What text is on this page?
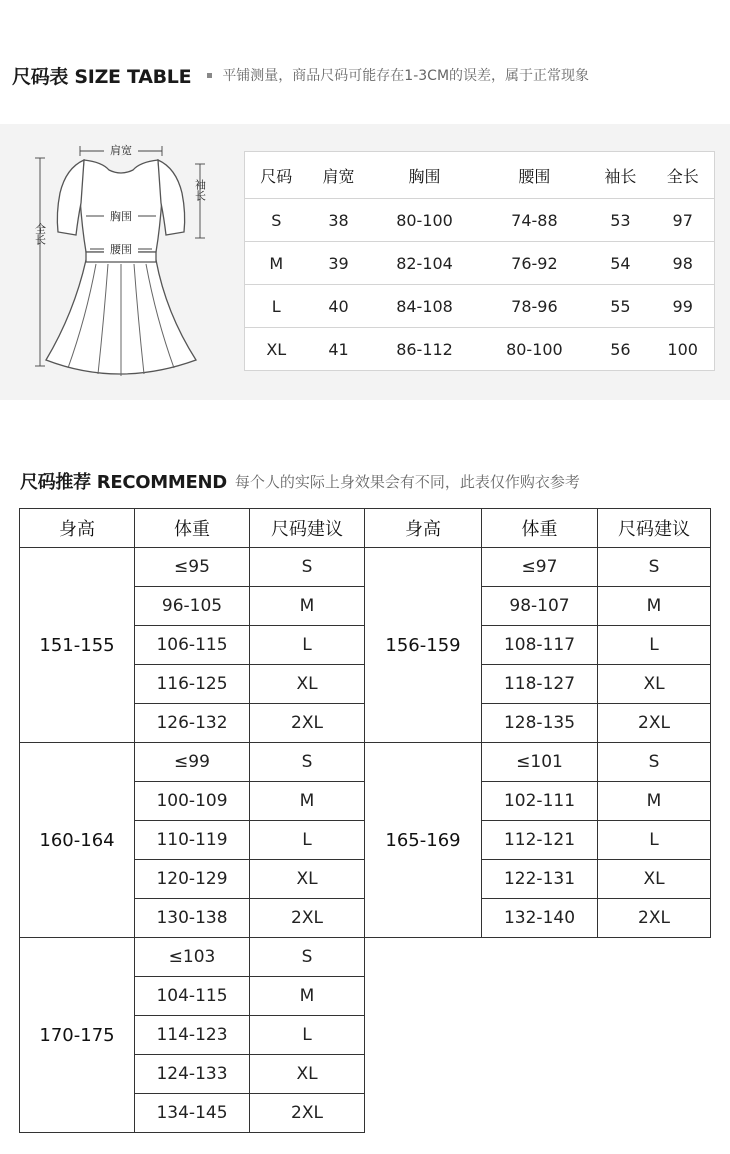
尺码表 SIZE TABLE 平铺测量，商品尺码可能存在1-3CM的误差，属于正常现象
肩宽
胸围
腰围
袖长
全长
尺码	肩宽	胸围	腰围	袖长	全长
S	38	80-100	74-88	53	97
M	39	82-104	76-92	54	98
L	40	84-108	78-96	55	99
XL	41	86-112	80-100	56	100
尺码推荐 RECOMMEND 每个人的实际上身效果会有不同，此表仅作购衣参考
身高	体重	尺码建议	身高	体重	尺码建议
151-155	≤95	S	156-159	≤97	S
	96-105	M		98-107	M
	106-115	L		108-117	L
	116-125	XL		118-127	XL
	126-132	2XL		128-135	2XL
160-164	≤99	S	165-169	≤101	S
	100-109	M		102-111	M
	110-119	L		112-121	L
	120-129	XL		122-131	XL
	130-138	2XL		132-140	2XL
170-175	≤103	S			
	104-115	M			
	114-123	L			
	124-133	XL			
	134-145	2XL			
